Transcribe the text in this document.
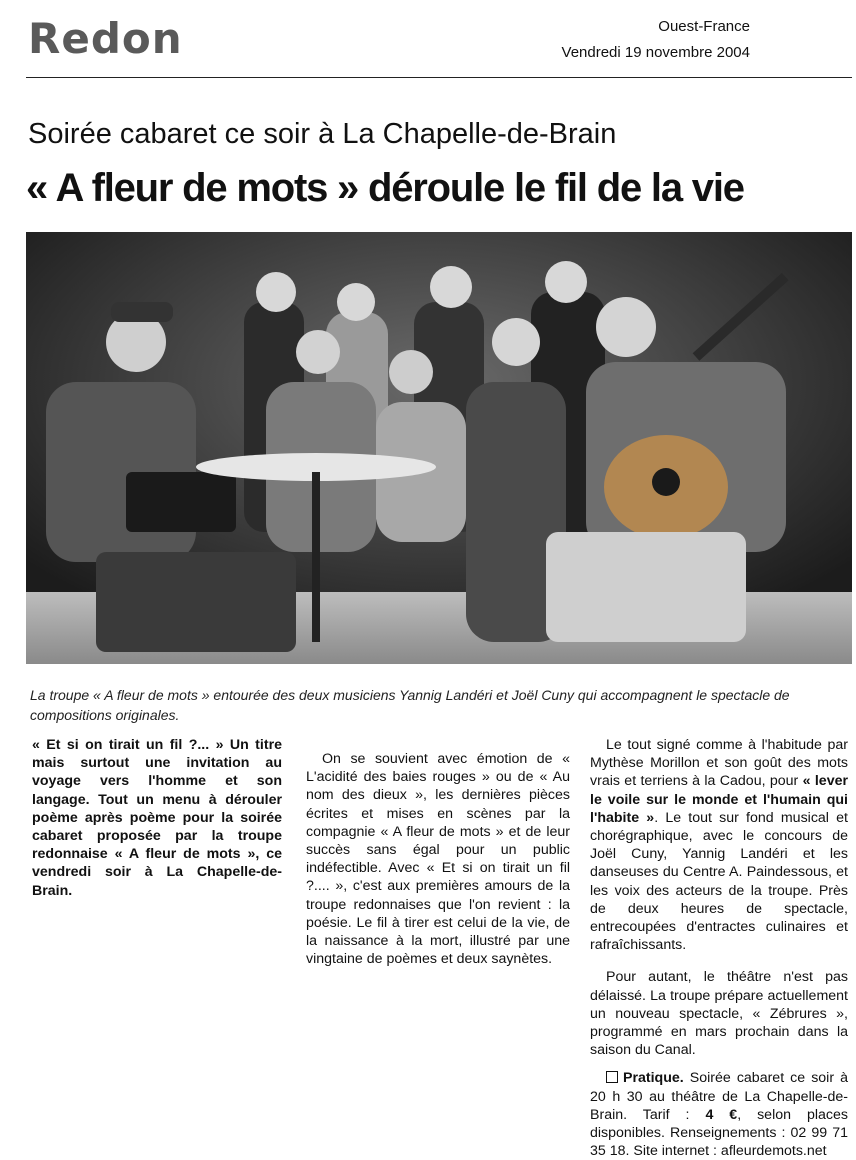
Redon	Ouest-France
Vendredi 19 novembre 2004
Soirée cabaret ce soir à La Chapelle-de-Brain
« A fleur de mots » déroule le fil de la vie
La troupe « A fleur de mots » entourée des deux musiciens Yannig Landéri et Joël Cuny qui accompagnent le spectacle de compositions originales.

« Et si on tirait un fil ?... » Un titre mais surtout une invitation au voyage vers l'homme et son langage. Tout un menu à dérouler poème après poème pour la soirée cabaret proposée par la troupe redonnaise « A fleur de mots », ce vendredi soir à La Chapelle-de-Brain.

On se souvient avec émotion de « L'acidité des baies rouges » ou de « Au nom des dieux », les dernières pièces écrites et mises en scènes par la compagnie « A fleur de mots » et de leur succès sans égal pour un public indéfectible. Avec « Et si on tirait un fil ?.... », c'est aux premières amours de la troupe redonnaises que l'on revient : la poésie. Le fil à tirer est celui de la vie, de la naissance à la mort, illustré par une vingtaine de poèmes et deux saynètes.

Le tout signé comme à l'habitude par Mythèse Morillon et son goût des mots vrais et terriens à la Cadou, pour « lever le voile sur le monde et l'humain qui l'habite ». Le tout sur fond musical et chorégraphique, avec le concours de Joël Cuny, Yannig Landéri et les danseuses du Centre A. Paindessous, et les voix des acteurs de la troupe. Près de deux heures de spectacle, entrecoupées d'entractes culinaires et rafraîchissants.

Pour autant, le théâtre n'est pas délaissé. La troupe prépare actuellement un nouveau spectacle, « Zébrures », programmé en mars prochain dans la saison du Canal.

Pratique. Soirée cabaret ce soir à 20 h 30 au théâtre de La Chapelle-de-Brain. Tarif : 4 €, selon places disponibles. Renseignements : 02 99 71 35 18. Site internet : afleurdemots.net
